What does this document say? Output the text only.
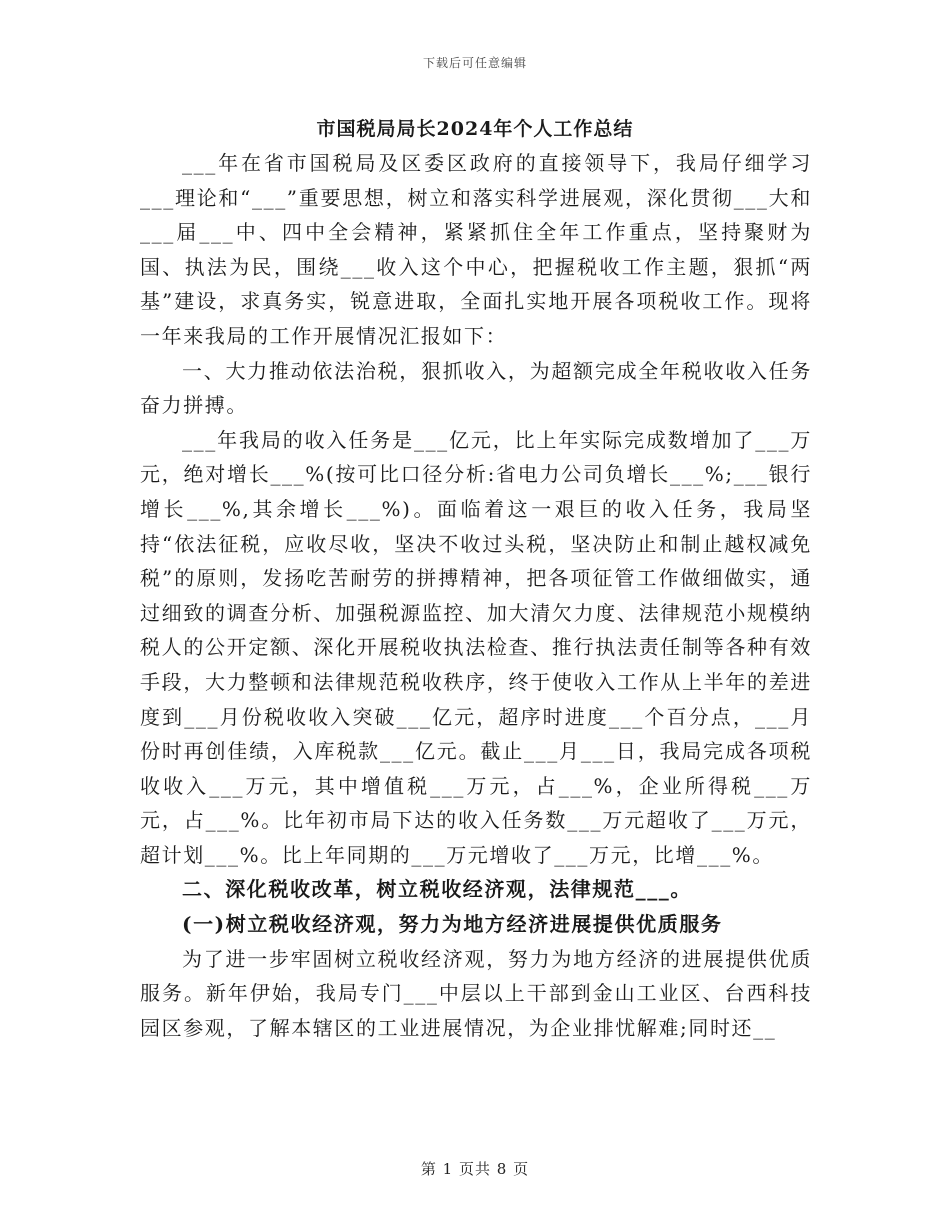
下载后可任意编辑
市国税局局长2024年个人工作总结

___年在省市国税局及区委区政府的直接领导下，我局仔细学习___理论和“___”重要思想，树立和落实科学进展观，深化贯彻___大和___届___中、四中全会精神，紧紧抓住全年工作重点，坚持聚财为国、执法为民，围绕___收入这个中心，把握税收工作主题，狠抓“两基”建设，求真务实，锐意进取，全面扎实地开展各项税收工作。现将一年来我局的工作开展情况汇报如下：

一、大力推动依法治税，狠抓收入，为超额完成全年税收收入任务奋力拼搏。

___年我局的收入任务是___亿元，比上年实际完成数增加了___万元，绝对增长___%(按可比口径分析:省电力公司负增长___%;___银行增长___%,其余增长___%)。面临着这一艰巨的收入任务，我局坚持“依法征税，应收尽收，坚决不收过头税，坚决防止和制止越权减免税”的原则，发扬吃苦耐劳的拼搏精神，把各项征管工作做细做实，通过细致的调查分析、加强税源监控、加大清欠力度、法律规范小规模纳税人的公开定额、深化开展税收执法检查、推行执法责任制等各种有效手段，大力整顿和法律规范税收秩序，终于使收入工作从上半年的差进度到___月份税收收入突破___亿元，超序时进度___个百分点，___月份时再创佳绩，入库税款___亿元。截止___月___日，我局完成各项税收收入___万元，其中增值税___万元，占___%，企业所得税___万元，占___%。比年初市局下达的收入任务数___万元超收了___万元，超计划___%。比上年同期的___万元增收了___万元，比增___%。

二、深化税收改革，树立税收经济观，法律规范___。

(一)树立税收经济观，努力为地方经济进展提供优质服务

为了进一步牢固树立税收经济观，努力为地方经济的进展提供优质服务。新年伊始，我局专门___中层以上干部到金山工业区、台西科技园区参观，了解本辖区的工业进展情况，为企业排忧解难;同时还__

第 1 页共 8 页
